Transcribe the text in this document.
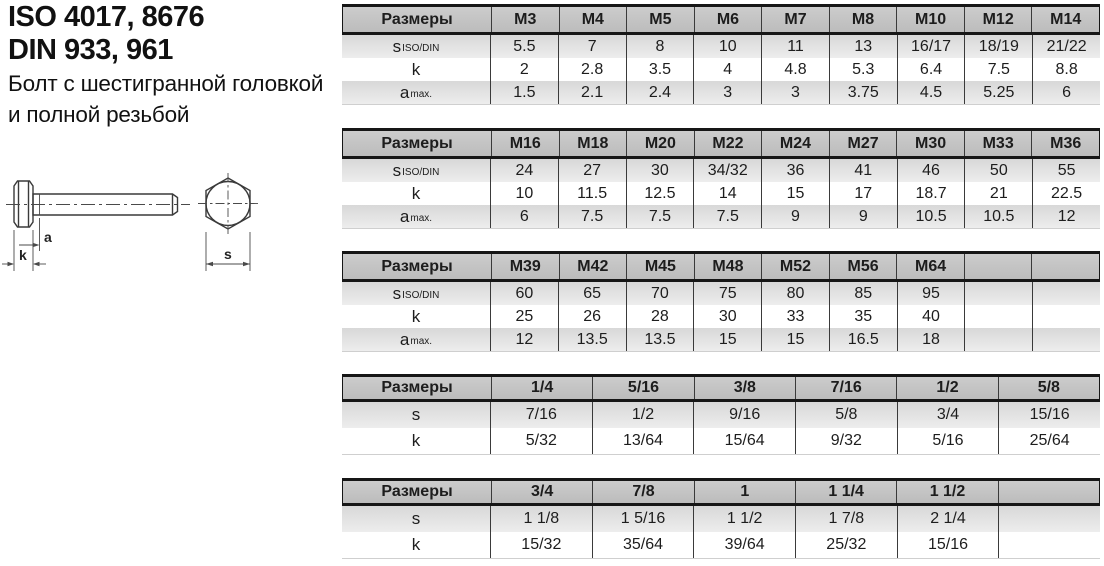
ISO 4017, 8676
DIN 933, 961
Болт с шестигранной головкой
и полной резьбой
a
k	s
Размеры	M3	M4	M5	M6	M7	M8	M10	M12	M14
s ISO/DIN	5.5	7	8	10	11	13	16/17	18/19	21/22
k	2	2.8	3.5	4	4.8	5.3	6.4	7.5	8.8
a max.	1.5	2.1	2.4	3	3	3.75	4.5	5.25	6
Размеры	M16	M18	M20	M22	M24	M27	M30	M33	M36
s ISO/DIN	24	27	30	34/32	36	41	46	50	55
k	10	11.5	12.5	14	15	17	18.7	21	22.5
a max.	6	7.5	7.5	7.5	9	9	10.5	10.5	12
Размеры	M39	M42	M45	M48	M52	M56	M64
s ISO/DIN	60	65	70	75	80	85	95
k	25	26	28	30	33	35	40
a max.	12	13.5	13.5	15	15	16.5	18
Размеры	1/4	5/16	3/8	7/16	1/2	5/8
s	7/16	1/2	9/16	5/8	3/4	15/16
k	5/32	13/64	15/64	9/32	5/16	25/64
Размеры	3/4	7/8	1	1 1/4	1 1/2
s	1 1/8	1 5/16	1 1/2	1 7/8	2 1/4
k	15/32	35/64	39/64	25/32	15/16
